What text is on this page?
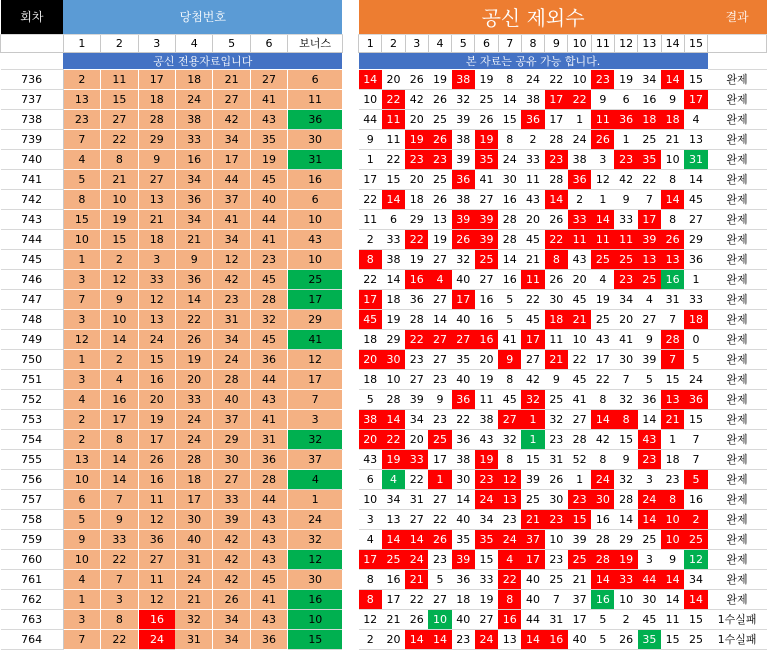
회차	당첨번호								공신 제외수															결과
	1	2	3	4	5	6	보너스		1	2	3	4	5	6	7	8	9	10	11	12	13	14	15	
	공신 전용자료입니다								본 자료는 공유 가능 합니다.															
736	2	11	17	18	21	27	6		14	20	26	19	38	19	8	24	22	10	23	19	34	14	15	완제
737	13	15	18	24	27	41	11		10	22	42	26	32	25	14	38	17	22	9	6	16	9	17	완제
738	23	27	28	38	42	43	36		44	11	20	25	39	26	15	36	17	1	11	36	18	18	4	완제
739	7	22	29	33	34	35	30		9	11	19	26	38	19	8	2	28	24	26	1	25	21	13	완제
740	4	8	9	16	17	19	31		1	22	23	23	39	35	24	33	23	38	3	23	35	10	31	완제
741	5	21	27	34	44	45	16		17	15	20	25	36	41	30	11	28	36	12	42	22	8	14	완제
742	8	10	13	36	37	40	6		22	14	18	26	38	27	16	43	14	2	1	9	7	14	45	완제
743	15	19	21	34	41	44	10		11	6	29	13	39	39	28	20	26	33	14	33	17	8	27	완제
744	10	15	18	21	34	41	43		2	33	22	19	26	39	28	45	22	11	11	11	39	26	29	완제
745	1	2	3	9	12	23	10		8	38	19	27	32	25	14	21	8	43	25	25	13	13	36	완제
746	3	12	33	36	42	45	25		22	14	16	4	40	27	16	11	26	20	4	23	25	16	1	완제
747	7	9	12	14	23	28	17		17	18	36	27	17	16	5	22	30	45	19	34	4	31	33	완제
748	3	10	13	22	31	32	29		45	19	28	14	40	16	5	45	18	21	25	20	27	7	18	완제
749	12	14	24	26	34	45	41		18	29	22	27	27	16	41	17	11	10	43	41	9	28	0	완제
750	1	2	15	19	24	36	12		20	30	23	27	35	20	9	27	21	22	17	30	39	7	5	완제
751	3	4	16	20	28	44	17		18	10	27	23	40	19	8	42	9	45	22	7	5	15	24	완제
752	4	16	20	33	40	43	7		5	28	39	9	36	11	45	32	25	41	8	32	36	13	36	완제
753	2	17	19	24	37	41	3		38	14	34	23	22	38	27	1	32	27	14	8	14	21	15	완제
754	2	8	17	24	29	31	32		20	22	20	25	36	43	32	1	23	28	42	15	43	1	7	완제
755	13	14	26	28	30	36	37		43	19	33	17	38	19	8	15	31	52	8	9	23	18	7	완제
756	10	14	16	18	27	28	4		6	4	22	1	30	23	12	39	26	1	24	32	3	23	5	완제
757	6	7	11	17	33	44	1		10	34	31	27	14	24	13	25	30	23	30	28	24	8	16	완제
758	5	9	12	30	39	43	24		3	13	27	22	40	34	23	21	23	15	16	14	14	10	2	완제
759	9	33	36	40	42	43	32		4	14	14	26	35	35	24	37	10	39	28	29	25	10	25	완제
760	10	22	27	31	42	43	12		17	25	24	23	39	15	4	17	23	25	28	19	3	9	12	완제
761	4	7	11	24	42	45	30		8	16	21	5	36	33	22	40	25	21	14	33	44	14	34	완제
762	1	3	12	21	26	41	16		8	17	22	27	18	19	8	40	7	37	16	10	30	14	14	완제
763	3	8	16	32	34	43	10		12	21	26	10	40	27	16	44	31	17	5	2	45	11	15	1수실패
764	7	22	24	31	34	36	15		2	20	14	14	23	24	13	14	16	40	5	26	35	15	25	1수실패
